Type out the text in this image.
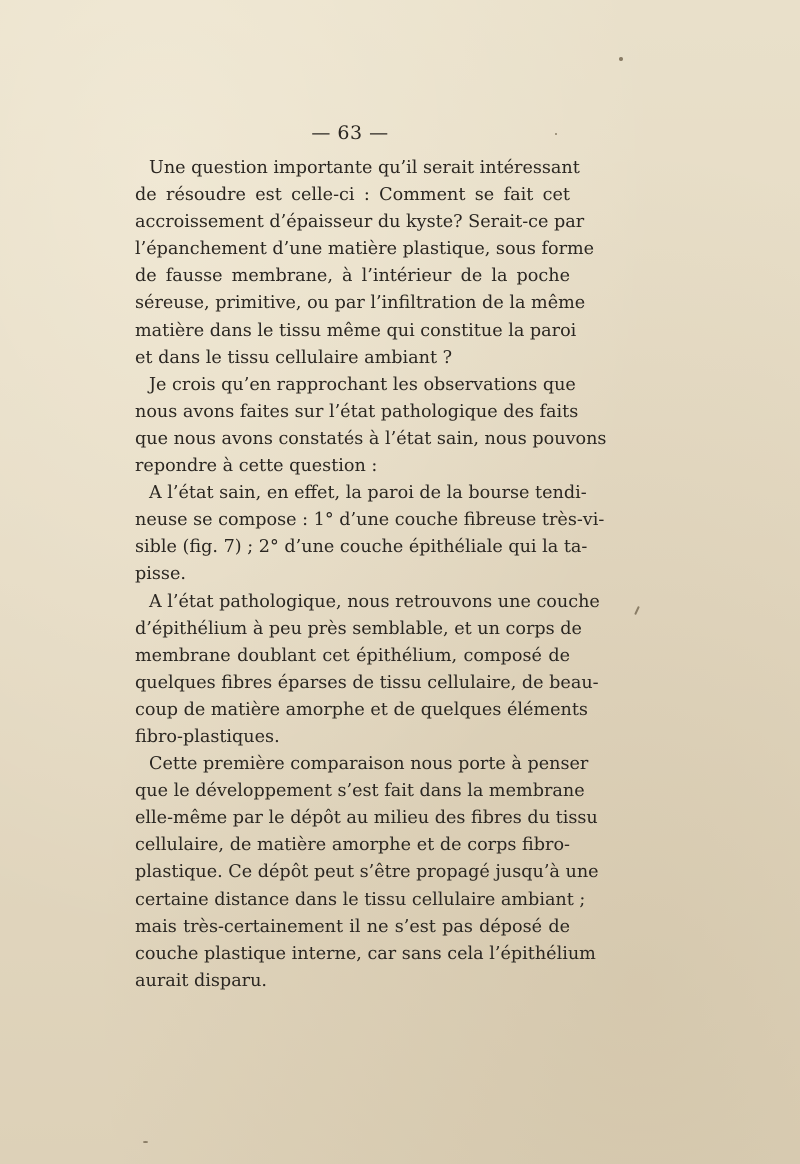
— 63 —
Une question importante qu’il serait intéressant
de résoudre est celle-ci : Comment se fait cet
accroissement d’épaisseur du kyste? Serait-ce par
l’épanchement d’une matière plastique, sous forme
de fausse membrane, à l’intérieur de la poche
séreuse, primitive, ou par l’infiltration de la même
matière dans le tissu même qui constitue la paroi
et dans le tissu cellulaire ambiant ?
Je crois qu’en rapprochant les observations que
nous avons faites sur l’état pathologique des faits
que nous avons constatés à l’état sain, nous pouvons
repondre à cette question :
A l’état sain, en effet, la paroi de la bourse tendi-
neuse se compose : 1° d’une couche fibreuse très-vi-
sible (fig. 7) ; 2° d’une couche épithéliale qui la ta-
pisse.
A l’état pathologique, nous retrouvons une couche
d’épithélium à peu près semblable, et un corps de
membrane doublant cet épithélium, composé de
quelques fibres éparses de tissu cellulaire, de beau-
coup de matière amorphe et de quelques éléments
fibro-plastiques.
Cette première comparaison nous porte à penser
que le développement s’est fait dans la membrane
elle-même par le dépôt au milieu des fibres du tissu
cellulaire, de matière amorphe et de corps fibro-
plastique. Ce dépôt peut s’être propagé jusqu’à une
certaine distance dans le tissu cellulaire ambiant ;
mais très-certainement il ne s’est pas déposé de
couche plastique interne, car sans cela l’épithélium
aurait disparu.
